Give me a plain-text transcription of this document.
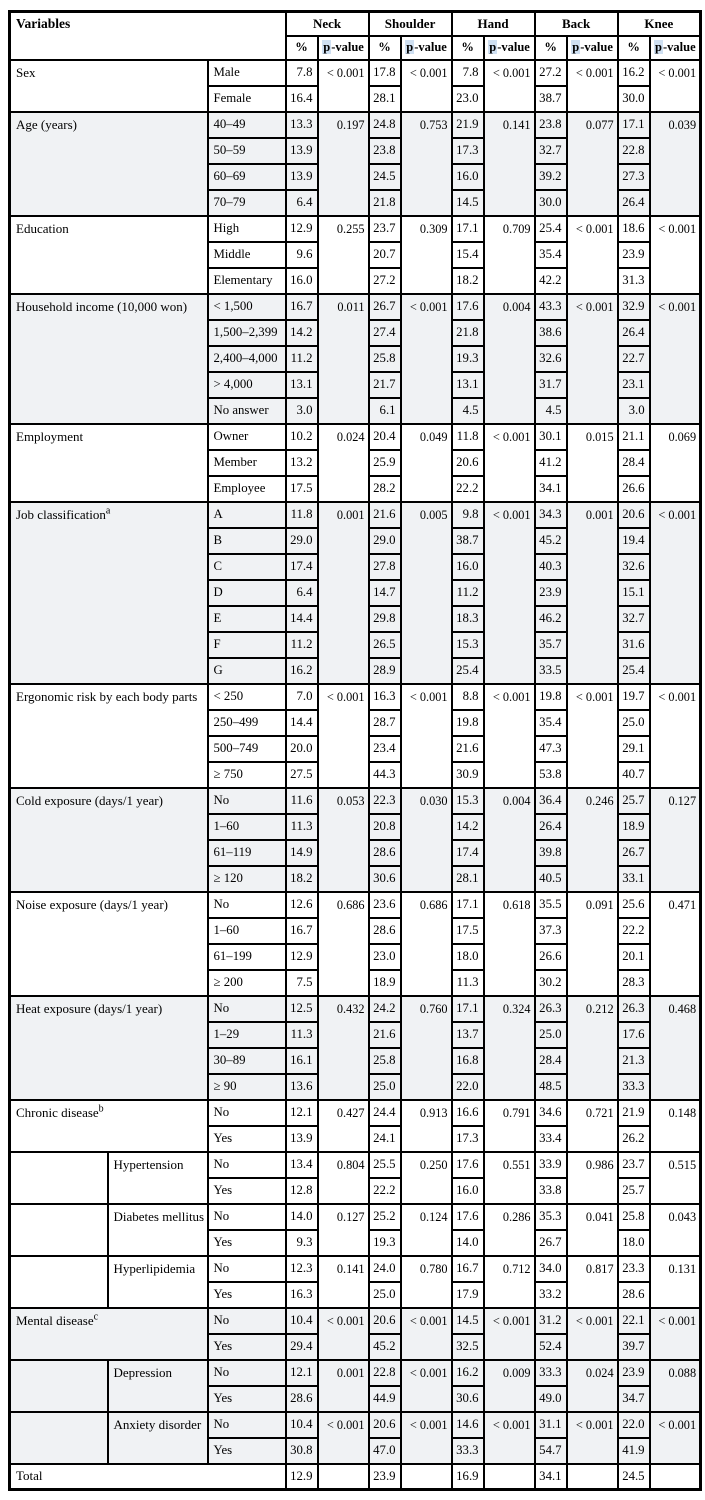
Variables			Neck		Shoulder		Hand		Back		Knee	
			%	p-value	%	p-value	%	p-value	%	p-value	%	p-value
Sex		Male	7.8	< 0.001	17.8	< 0.001	7.8	< 0.001	27.2	< 0.001	16.2	< 0.001
		Female	16.4		28.1		23.0		38.7		30.0	
Age (years)		40–49	13.3	0.197	24.8	0.753	21.9	0.141	23.8	0.077	17.1	0.039
		50–59	13.9		23.8		17.3		32.7		22.8	
		60–69	13.9		24.5		16.0		39.2		27.3	
		70–79	6.4		21.8		14.5		30.0		26.4	
Education		High	12.9	0.255	23.7	0.309	17.1	0.709	25.4	< 0.001	18.6	< 0.001
		Middle	9.6		20.7		15.4		35.4		23.9	
		Elementary	16.0		27.2		18.2		42.2		31.3	
Household income (10,000 won)		< 1,500	16.7	0.011	26.7	< 0.001	17.6	0.004	43.3	< 0.001	32.9	< 0.001
		1,500–2,399	14.2		27.4		21.8		38.6		26.4	
		2,400–4,000	11.2		25.8		19.3		32.6		22.7	
		> 4,000	13.1		21.7		13.1		31.7		23.1	
		No answer	3.0		6.1		4.5		4.5		3.0	
Employment		Owner	10.2	0.024	20.4	0.049	11.8	< 0.001	30.1	0.015	21.1	0.069
		Member	13.2		25.9		20.6		41.2		28.4	
		Employee	17.5		28.2		22.2		34.1		26.6	
Job classification$^a$		A	11.8	0.001	21.6	0.005	9.8	< 0.001	34.3	0.001	20.6	< 0.001
		B	29.0		29.0		38.7		45.2		19.4	
		C	17.4		27.8		16.0		40.3		32.6	
		D	6.4		14.7		11.2		23.9		15.1	
		E	14.4		29.8		18.3		46.2		32.7	
		F	11.2		26.5		15.3		35.7		31.6	
		G	16.2		28.9		25.4		33.5		25.4	
Ergonomic risk by each body parts		< 250	7.0	< 0.001	16.3	< 0.001	8.8	< 0.001	19.8	< 0.001	19.7	< 0.001
		250–499	14.4		28.7		19.8		35.4		25.0	
		500–749	20.0		23.4		21.6		47.3		29.1	
		≥ 750	27.5		44.3		30.9		53.8		40.7	
Cold exposure (days/1 year)		No	11.6	0.053	22.3	0.030	15.3	0.004	36.4	0.246	25.7	0.127
		1–60	11.3		20.8		14.2		26.4		18.9	
		61–119	14.9		28.6		17.4		39.8		26.7	
		≥ 120	18.2		30.6		28.1		40.5		33.1	
Noise exposure (days/1 year)		No	12.6	0.686	23.6	0.686	17.1	0.618	35.5	0.091	25.6	0.471
		1–60	16.7		28.6		17.5		37.3		22.2	
		61–199	12.9		23.0		18.0		26.6		20.1	
		≥ 200	7.5		18.9		11.3		30.2		28.3	
Heat exposure (days/1 year)		No	12.5	0.432	24.2	0.760	17.1	0.324	26.3	0.212	26.3	0.468
		1–29	11.3		21.6		13.7		25.0		17.6	
		30–89	16.1		25.8		16.8		28.4		21.3	
		≥ 90	13.6		25.0		22.0		48.5		33.3	
Chronic disease$^b$		No	12.1	0.427	24.4	0.913	16.6	0.791	34.6	0.721	21.9	0.148
		Yes	13.9		24.1		17.3		33.4		26.2	
	Hypertension	No	13.4	0.804	25.5	0.250	17.6	0.551	33.9	0.986	23.7	0.515
		Yes	12.8		22.2		16.0		33.8		25.7	
	Diabetes mellitus	No	14.0	0.127	25.2	0.124	17.6	0.286	35.3	0.041	25.8	0.043
		Yes	9.3		19.3		14.0		26.7		18.0	
	Hyperlipidemia	No	12.3	0.141	24.0	0.780	16.7	0.712	34.0	0.817	23.3	0.131
		Yes	16.3		25.0		17.9		33.2		28.6	
Mental disease$^c$		No	10.4	< 0.001	20.6	< 0.001	14.5	< 0.001	31.2	< 0.001	22.1	< 0.001
		Yes	29.4		45.2		32.5		52.4		39.7	
	Depression	No	12.1	0.001	22.8	< 0.001	16.2	0.009	33.3	0.024	23.9	0.088
		Yes	28.6		44.9		30.6		49.0		34.7	
	Anxiety disorder	No	10.4	< 0.001	20.6	< 0.001	14.6	< 0.001	31.1	< 0.001	22.0	< 0.001
		Yes	30.8		47.0		33.3		54.7		41.9	
Total			12.9		23.9		16.9		34.1		24.5	
